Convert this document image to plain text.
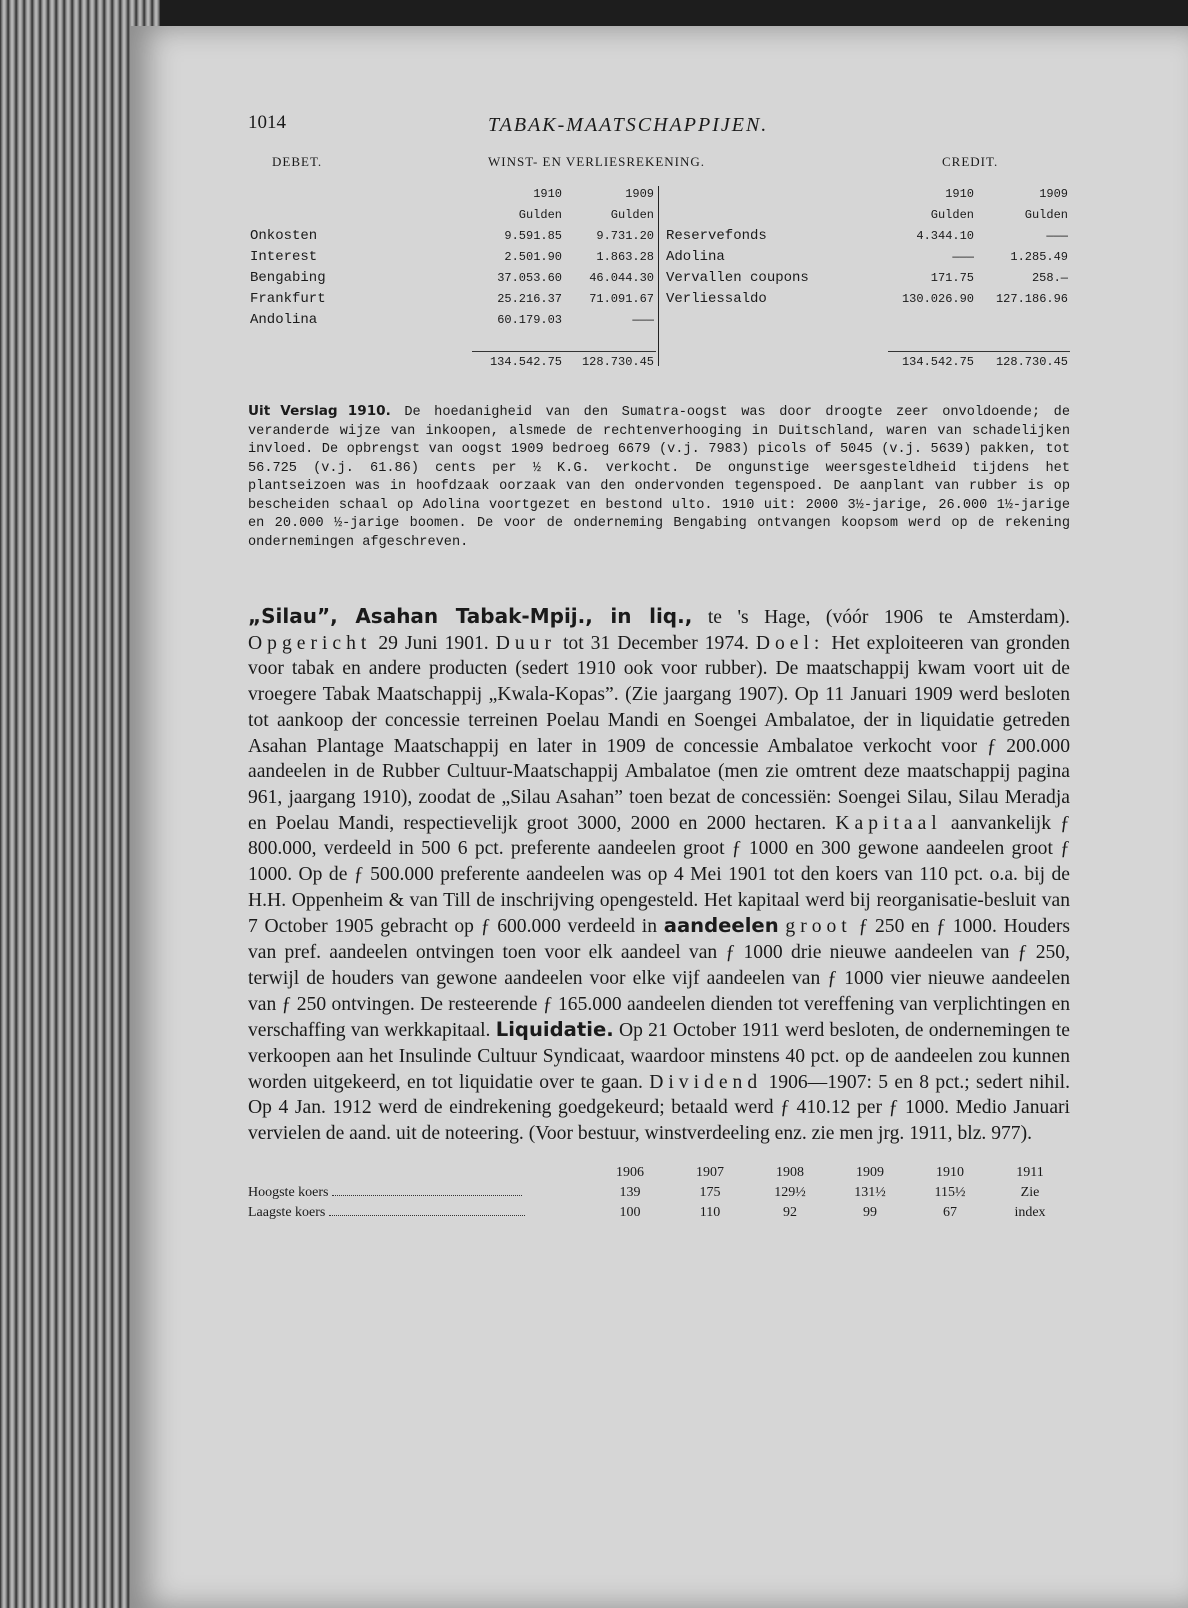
1014	TABAK-MAATSCHAPPIJEN.
DEBET.	WINST- EN VERLIESREKENING.	CREDIT.
	1910	1909
	Gulden	Gulden
Onkosten	9.591.85	9.731.20
Interest	2.501.90	1.863.28
Bengabing	37.053.60	46.044.30
Frankfurt	25.216.37	71.091.67
Andolina	60.179.03	———

	134.542.75	128.730.45
	1910	1909
	Gulden	Gulden
Reservefonds	4.344.10	———
Adolina	———	1.285.49
Vervallen coupons	171.75	258.—
Verliessaldo	130.026.90	127.186.96

	134.542.75	128.730.45
Uit Verslag 1910. De hoedanigheid van den Sumatra-oogst was door droogte zeer onvoldoende; de veranderde wijze van inkoopen, alsmede de rechtenverhooging in Duitschland, waren van schadelijken invloed. De opbrengst van oogst 1909 bedroeg 6679 (v.j. 7983) picols of 5045 (v.j. 5639) pakken, tot 56.725 (v.j. 61.86) cents per ½ K.G. verkocht. De ongunstige weersgesteldheid tijdens het plantseizoen was in hoofdzaak oorzaak van den ondervonden tegenspoed. De aanplant van rubber is op bescheiden schaal op Adolina voortgezet en bestond ulto. 1910 uit: 2000 3½-jarige, 26.000 1½-jarige en 20.000 ½-jarige boomen. De voor de onderneming Bengabing ontvangen koopsom werd op de rekening ondernemingen afgeschreven.
„Silau”, Asahan Tabak-Mpij., in liq., te 's Hage, (vóór 1906 te Amsterdam). Opgericht 29 Juni 1901. Duur tot 31 December 1974. Doel: Het exploiteeren van gronden voor tabak en andere producten (sedert 1910 ook voor rubber). De maatschappij kwam voort uit de vroegere Tabak Maatschappij „Kwala-Kopas”. (Zie jaargang 1907). Op 11 Januari 1909 werd besloten tot aankoop der concessie terreinen Poelau Mandi en Soengei Ambalatoe, der in liquidatie getreden Asahan Plantage Maatschappij en later in 1909 de concessie Ambalatoe verkocht voor ƒ 200.000 aandeelen in de Rubber Cultuur-Maatschappij Ambalatoe (men zie omtrent deze maatschappij pagina 961, jaargang 1910), zoodat de „Silau Asahan” toen bezat de concessiën: Soengei Silau, Silau Meradja en Poelau Mandi, respectievelijk groot 3000, 2000 en 2000 hectaren. Kapitaal aanvankelijk ƒ 800.000, verdeeld in 500 6 pct. preferente aandeelen groot ƒ 1000 en 300 gewone aandeelen groot ƒ 1000. Op de ƒ 500.000 preferente aandeelen was op 4 Mei 1901 tot den koers van 110 pct. o.a. bij de H.H. Oppenheim & van Till de inschrijving opengesteld. Het kapitaal werd bij reorganisatie-besluit van 7 October 1905 gebracht op ƒ 600.000 verdeeld in aandeelen groot ƒ 250 en ƒ 1000. Houders van pref. aandeelen ontvingen toen voor elk aandeel van ƒ 1000 drie nieuwe aandeelen van ƒ 250, terwijl de houders van gewone aandeelen voor elke vijf aandeelen van ƒ 1000 vier nieuwe aandeelen van ƒ 250 ontvingen. De resteerende ƒ 165.000 aandeelen dienden tot vereffening van verplichtingen en verschaffing van werkkapitaal. Liquidatie. Op 21 October 1911 werd besloten, de ondernemingen te verkoopen aan het Insulinde Cultuur Syndicaat, waardoor minstens 40 pct. op de aandeelen zou kunnen worden uitgekeerd, en tot liquidatie over te gaan. Dividend 1906—1907: 5 en 8 pct.; sedert nihil. Op 4 Jan. 1912 werd de eindrekening goedgekeurd; betaald werd ƒ 410.12 per ƒ 1000. Medio Januari vervielen de aand. uit de noteering. (Voor bestuur, winstverdeeling enz. zie men jrg. 1911, blz. 977).
	1906	1907	1908	1909	1910	1911
Hoogste koers	139	175	129½	131½	115½	Zie
Laagste koers	100	110	92	99	67	index
